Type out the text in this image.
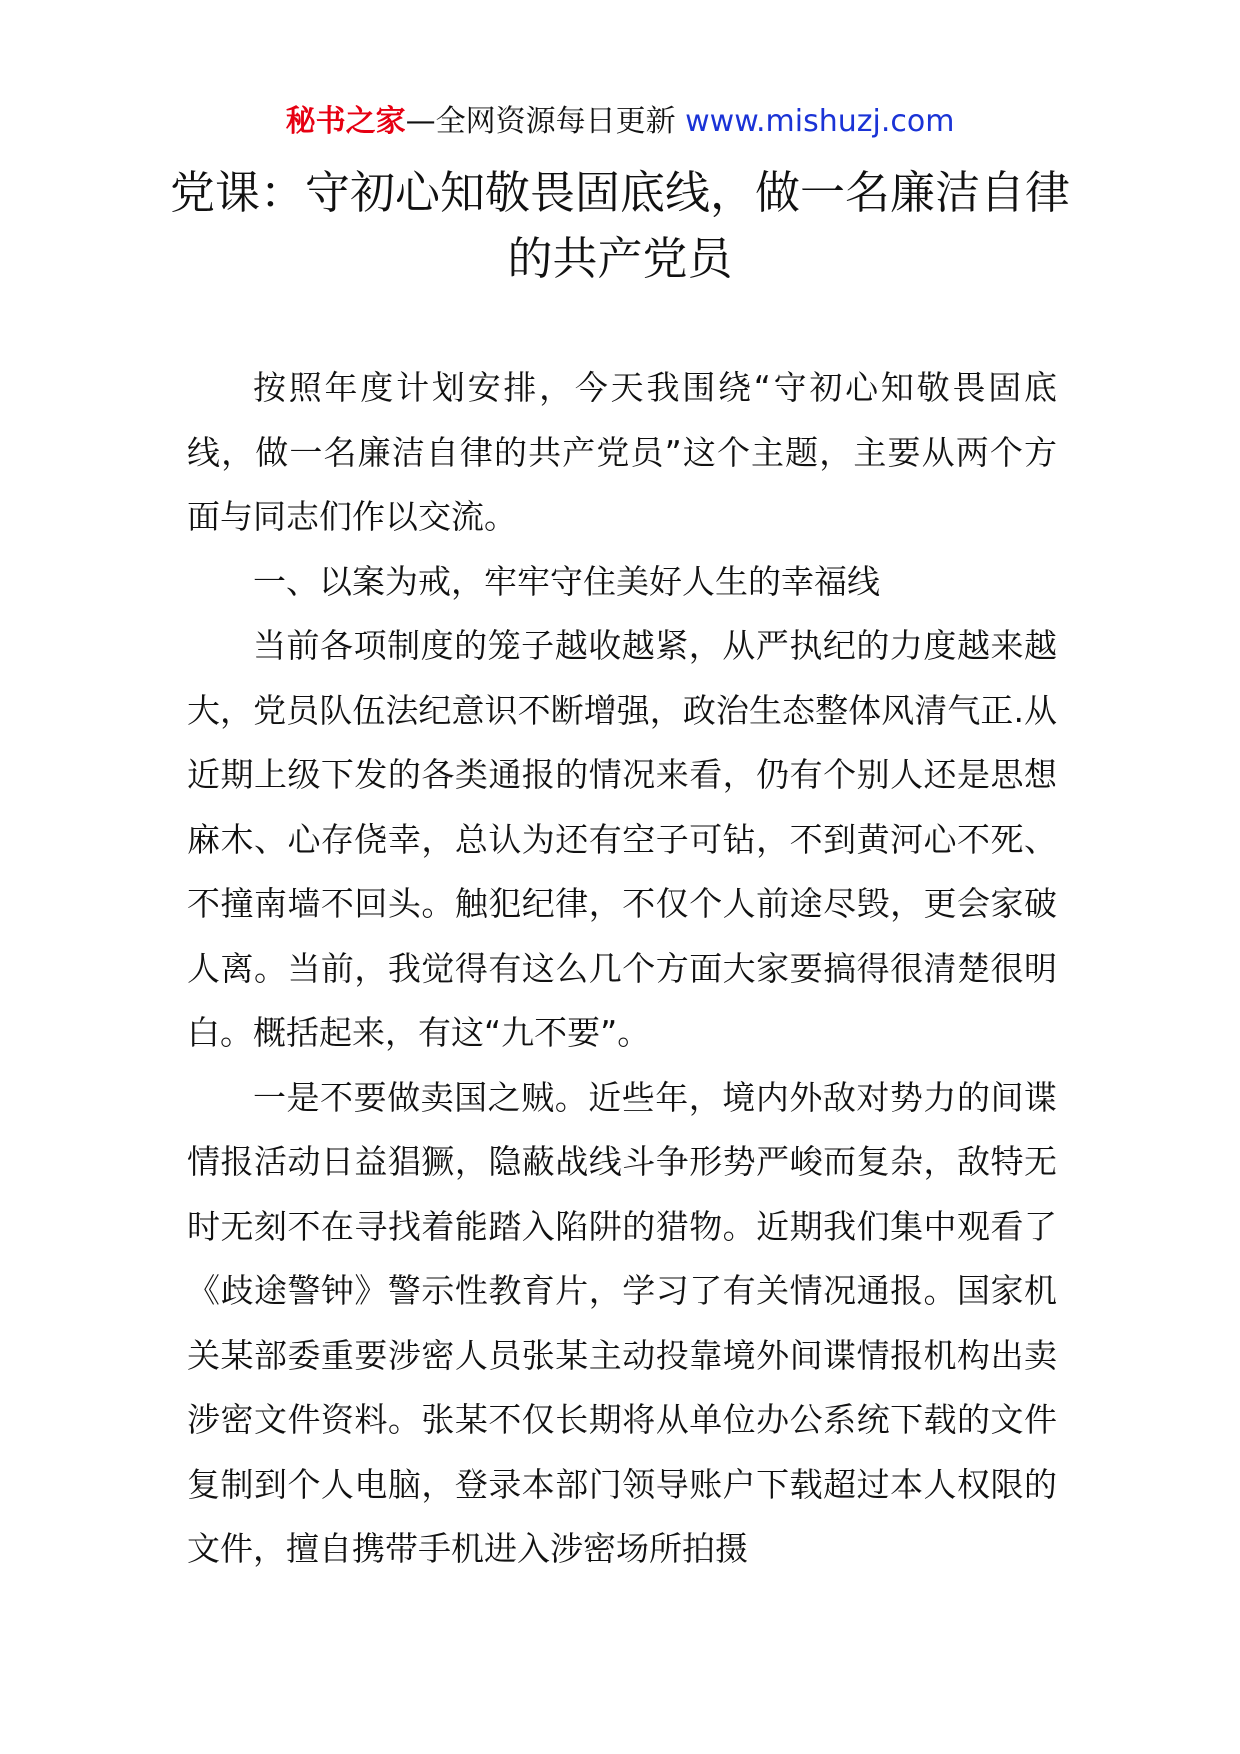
秘书之家—全网资源每日更新 www.mishuzj.com
党课：守初心知敬畏固底线，做一名廉洁自律的共产党员

按照年度计划安排，今天我围绕“守初心知敬畏固底线，做一名廉洁自律的共产党员”这个主题，主要从两个方面与同志们作以交流。

一、以案为戒，牢牢守住美好人生的幸福线

当前各项制度的笼子越收越紧，从严执纪的力度越来越大，党员队伍法纪意识不断增强，政治生态整体风清气正.从近期上级下发的各类通报的情况来看，仍有个别人还是思想麻木、心存侥幸，总认为还有空子可钻，不到黄河心不死、不撞南墙不回头。触犯纪律，不仅个人前途尽毁，更会家破人离。当前，我觉得有这么几个方面大家要搞得很清楚很明白。概括起来，有这“九不要”。

一是不要做卖国之贼。近些年，境内外敌对势力的间谍情报活动日益猖獗，隐蔽战线斗争形势严峻而复杂，敌特无时无刻不在寻找着能踏入陷阱的猎物。近期我们集中观看了《歧途警钟》警示性教育片，学习了有关情况通报。国家机关某部委重要涉密人员张某主动投靠境外间谍情报机构出卖涉密文件资料。张某不仅长期将从单位办公系统下载的文件复制到个人电脑，登录本部门领导账户下载超过本人权限的文件，擅自携带手机进入涉密场所拍摄
